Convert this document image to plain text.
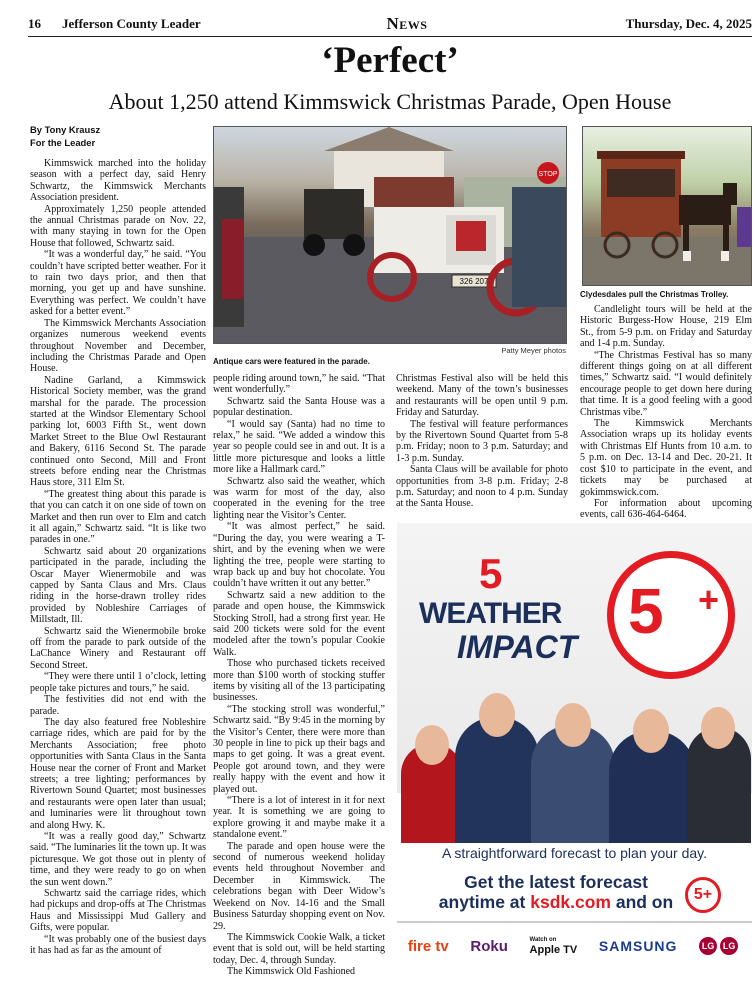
16	Jefferson County Leader	News	Thursday, Dec. 4, 2025
‘Perfect’
About 1,250 attend Kimmswick Christmas Parade, Open House
By Tony Krausz
For the Leader

Kimmswick marched into the holiday season with a perfect day, said Henry Schwartz, the Kimmswick Merchants Association president.

Approximately 1,250 people attended the annual Christmas parade on Nov. 22, with many staying in town for the Open House that followed, Schwartz said.

“It was a wonderful day,” he said. “You couldn’t have scripted better weather. For it to rain two days prior, and then that morning, you get up and have sunshine. Everything was perfect. We couldn’t have asked for a better event.”

The Kimmswick Merchants Association organizes numerous weekend events throughout November and December, including the Christmas Parade and Open House.

Nadine Garland, a Kimmswick Historical Society member, was the grand marshal for the parade. The procession started at the Windsor Elementary School parking lot, 6003 Fifth St., went down Market Street to the Blue Owl Restaurant and Bakery, 6116 Second St. The parade continued onto Second, Mill and Front streets before ending near the Christmas Haus store, 311 Elm St.

“The greatest thing about this parade is that you can catch it on one side of town on Market and then run over to Elm and catch it all again,” Schwartz said. “It is like two parades in one.”

Schwartz said about 20 organizations participated in the parade, including the Oscar Mayer Wienermobile and was capped by Santa Claus and Mrs. Claus riding in the horse-drawn trolley rides provided by Nobleshire Carriages of Millstadt, Ill.

Schwartz said the Wienermobile broke off from the parade to park outside of the LaChance Winery and Restaurant off Second Street.

“They were there until 1 o’clock, letting people take pictures and tours,” he said.

The festivities did not end with the parade.

The day also featured free Nobleshire carriage rides, which are paid for by the Merchants Association; free photo opportunities with Santa Claus in the Santa House near the corner of Front and Market streets; a tree lighting; performances by Rivertown Sound Quartet; most businesses and restaurants were open later than usual; and luminaries were lit throughout town and along Hwy. K.

“It was a really good day,” Schwartz said. “The luminaries lit the town up. It was picturesque. We got those out in plenty of time, and they were ready to go on when the sun went down.”

Schwartz said the carriage rides, which had pickups and drop-offs at The Christmas Haus and Mississippi Mud Gallery and Gifts, were popular.

“It was probably one of the busiest days it has had as far as the amount of

people riding around town,” he said. “That went wonderfully.”

Schwartz said the Santa House was a popular destination.

“I would say (Santa) had no time to relax,” he said. “We added a window this year so people could see in and out. It is a little more picturesque and looks a little more like a Hallmark card.”

Schwartz also said the weather, which was warm for most of the day, also cooperated in the evening for the tree lighting near the Visitor’s Center.

“It was almost perfect,” he said. “During the day, you were wearing a T-shirt, and by the evening when we were lighting the tree, people were starting to wrap back up and buy hot chocolate. You couldn’t have written it out any better.”

Schwartz said a new addition to the parade and open house, the Kimmswick Stocking Stroll, had a strong first year. He said 200 tickets were sold for the event modeled after the town’s popular Cookie Walk.

Those who purchased tickets received more than $100 worth of stocking stuffer items by visiting all of the 13 participating businesses.

“The stocking stroll was wonderful,” Schwartz said. “By 9:45 in the morning by the Visitor’s Center, there were more than 30 people in line to pick up their bags and maps to get going. It was a great event. People got around town, and they were really happy with the event and how it played out.

“There is a lot of interest in it for next year. It is something we are going to explore growing it and maybe make it a standalone event.”

The parade and open house were the second of numerous weekend holiday events held throughout November and December in Kimmswick. The celebrations began with Deer Widow’s Weekend on Nov. 14-16 and the Small Business Saturday shopping event on Nov. 29.

The Kimmswick Cookie Walk, a ticket event that is sold out, will be held starting today, Dec. 4, through Sunday.

The Kimmswick Old Fashioned

Christmas Festival also will be held this weekend. Many of the town’s businesses and restaurants will be open until 9 p.m. Friday and Saturday.

The festival will feature performances by the Rivertown Sound Quartet from 5-8 p.m. Friday; noon to 3 p.m. Saturday; and 1-3 p.m. Sunday.

Santa Claus will be available for photo opportunities from 3-8 p.m. Friday; 2-8 p.m. Saturday; and noon to 4 p.m. Sunday at the Santa House.

Candlelight tours will be held at the Historic Burgess-How House, 219 Elm St., from 5-9 p.m. on Friday and Saturday and 1-4 p.m. Sunday.

“The Christmas Festival has so many different things going on at all different times,” Schwartz said. “I would definitely encourage people to get down here during that time. It is a good feeling with a good Christmas vibe.”

The Kimmswick Merchants Association wraps up its holiday events with Christmas Elf Hunts from 10 a.m. to 5 p.m. on Dec. 13-14 and Dec. 20-21. It cost $10 to participate in the event, and tickets may be purchased at gokimmswick.com.

For information about upcoming events, call 636-464-6464.

STOP
326 207
Patty Meyer photos
Antique cars were featured in the parade.
Clydesdales pull the Christmas Trolley.
5
WEATHER
IMPACT 5 +
A straightforward forecast to plan your day.
Get the latest forecast
anytime at ksdk.com and on	5+
fire tv Roku	Watch on
Apple TV SAMSUNG	LG LG
